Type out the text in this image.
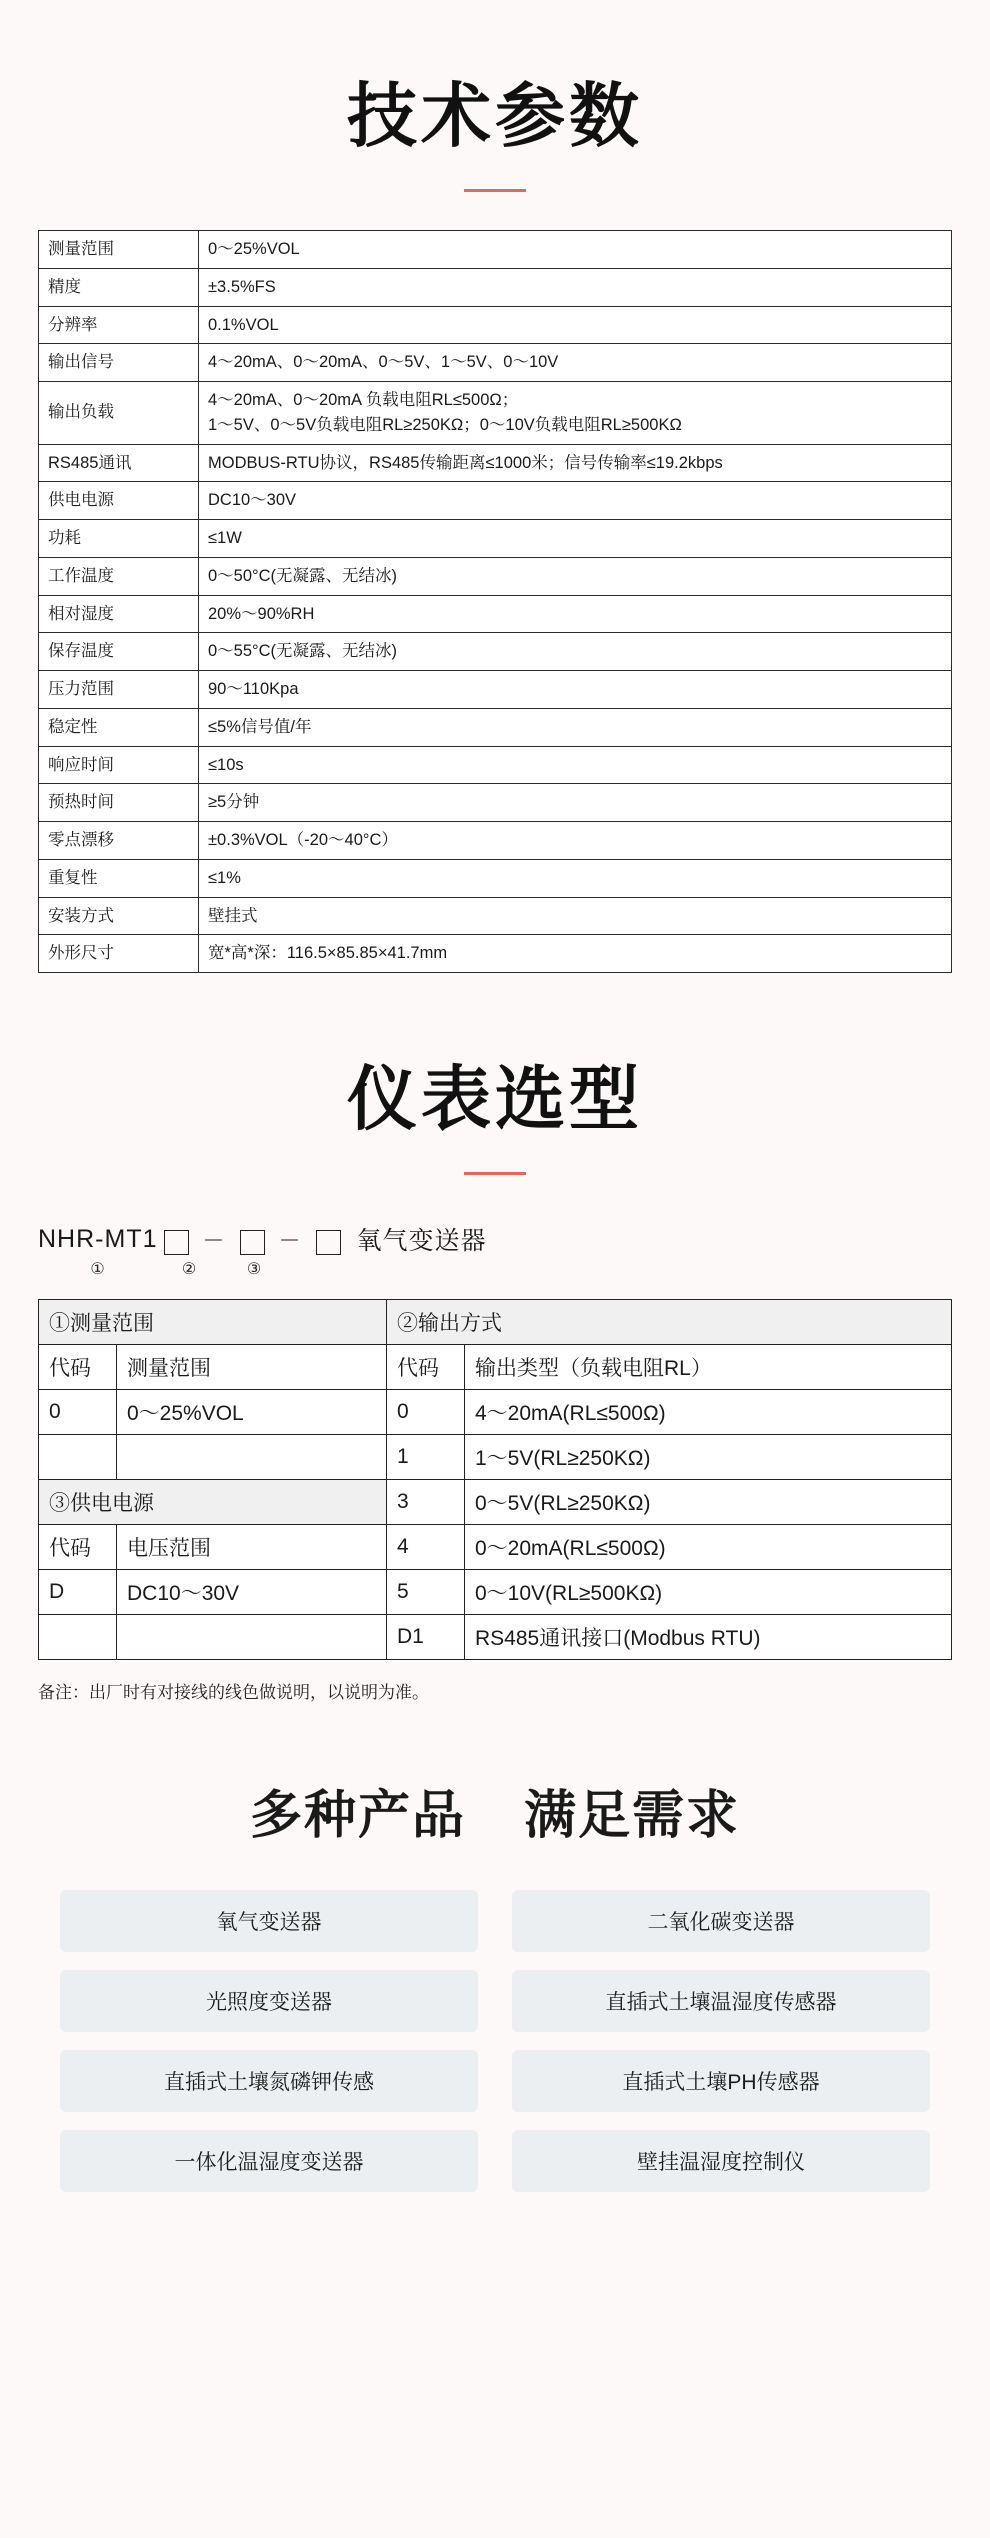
技术参数
测量范围	0～25%VOL
精度	±3.5%FS
分辨率	0.1%VOL
输出信号	4～20mA、0～20mA、0～5V、1～5V、0～10V
输出负载	4～20mA、0～20mA 负载电阻RL≤500Ω；
1～5V、0～5V负载电阻RL≥250KΩ；0～10V负载电阻RL≥500KΩ

RS485通讯	MODBUS-RTU协议，RS485传输距离≤1000米；信号传输率≤19.2kbps
供电电源	DC10～30V
功耗	≤1W
工作温度	0～50°C(无凝露、无结冰)
相对湿度	20%～90%RH
保存温度	0～55°C(无凝露、无结冰)
压力范围	90～110Kpa
稳定性	≤5%信号值/年
响应时间	≤10s
预热时间	≥5分钟
零点漂移	±0.3%VOL（-20～40°C）
重复性	≤1%
安装方式	壁挂式
外形尺寸	宽*高*深：116.5×85.85×41.7mm
仪表选型
NHR-MT1 － － 氧气变送器
①	②	③
①测量范围		②输出方式	
代码	测量范围	代码	输出类型（负载电阻RL）
0	0～25%VOL	0	4～20mA(RL≤500Ω)
		1	1～5V(RL≥250KΩ)
③供电电源		3	0～5V(RL≥250KΩ)
代码	电压范围	4	0～20mA(RL≤500Ω)
D	DC10～30V	5	0～10V(RL≥500KΩ)
		D1	RS485通讯接口(Modbus RTU)
备注：出厂时有对接线的线色做说明，以说明为准。
多种产品 满足需求
氧气变送器	二氧化碳变送器
光照度变送器	直插式土壤温湿度传感器
直插式土壤氮磷钾传感	直插式土壤PH传感器
一体化温湿度变送器	壁挂温湿度控制仪
